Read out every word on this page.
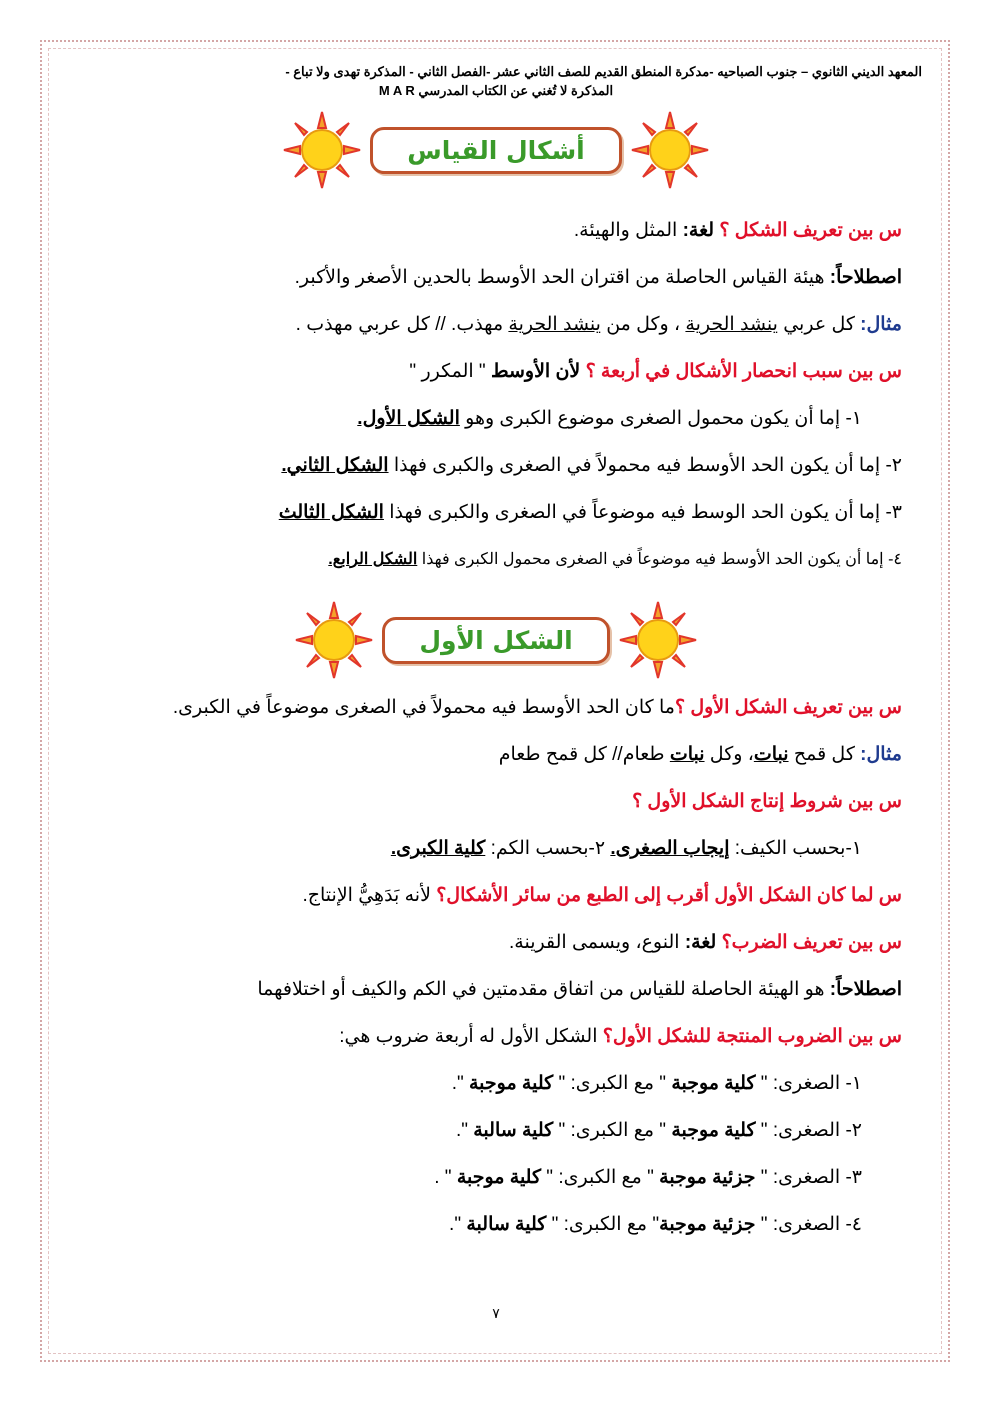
المعهد الديني الثانوي – جنوب الصباحيه -مدكرة المنطق القديم للصف الثاني عشر -الفصل الثاني - المذكرة تهدى ولا تباع -
المذكرة لا تُغني عن الكتاب المدرسي M A R
أشكال القياس
س بين تعريف الشكل ؟ لغة: المثل والهيئة.
اصطلاحاً: هيئة القياس الحاصلة من اقتران الحد الأوسط بالحدين الأصغر والأكبر.
مثال: كل عربي ينشد الحرية ، وكل من ينشد الحرية مهذب. // كل عربي مهذب .
س بين سبب انحصار الأشكال في أربعة ؟ لأن الأوسط " المكرر "
١- إما أن يكون محمول الصغرى موضوع الكبرى وهو الشكل الأول.
٢- إما أن يكون الحد الأوسط فيه محمولاً في الصغرى والكبرى فهذا الشكل الثاني.
٣- إما أن يكون الحد الوسط فيه موضوعاً في الصغرى والكبرى فهذا الشكل الثالث
٤- إما أن يكون الحد الأوسط فيه موضوعاً في الصغرى محمول الكبرى فهذا الشكل الرابع.
الشكل الأول
س بين تعريف الشكل الأول ؟ما كان الحد الأوسط فيه محمولاً في الصغرى موضوعاً في الكبرى.
مثال: كل قمح نبات، وكل نبات طعام// كل قمح طعام
س بين شروط إنتاج الشكل الأول ؟
١-بحسب الكيف: إيجاب الصغرى. ٢-بحسب الكم: كلية الكبرى.
س لما كان الشكل الأول أقرب إلى الطبع من سائر الأشكال؟ لأنه بَدَهِيُّ الإنتاج.
س بين تعريف الضرب؟ لغة: النوع، ويسمى القرينة.
اصطلاحاً: هو الهيئة الحاصلة للقياس من اتفاق مقدمتين في الكم والكيف أو اختلافهما
س بين الضروب المنتجة للشكل الأول؟ الشكل الأول له أربعة ضروب هي:
١- الصغرى: " كلية موجبة " مع الكبرى: " كلية موجبة ".
٢- الصغرى: " كلية موجبة " مع الكبرى: " كلية سالبة ".
٣- الصغرى: " جزئية موجبة " مع الكبرى: " كلية موجبة " .
٤- الصغرى: " جزئية موجبة" مع الكبرى: " كلية سالبة ".
٧
